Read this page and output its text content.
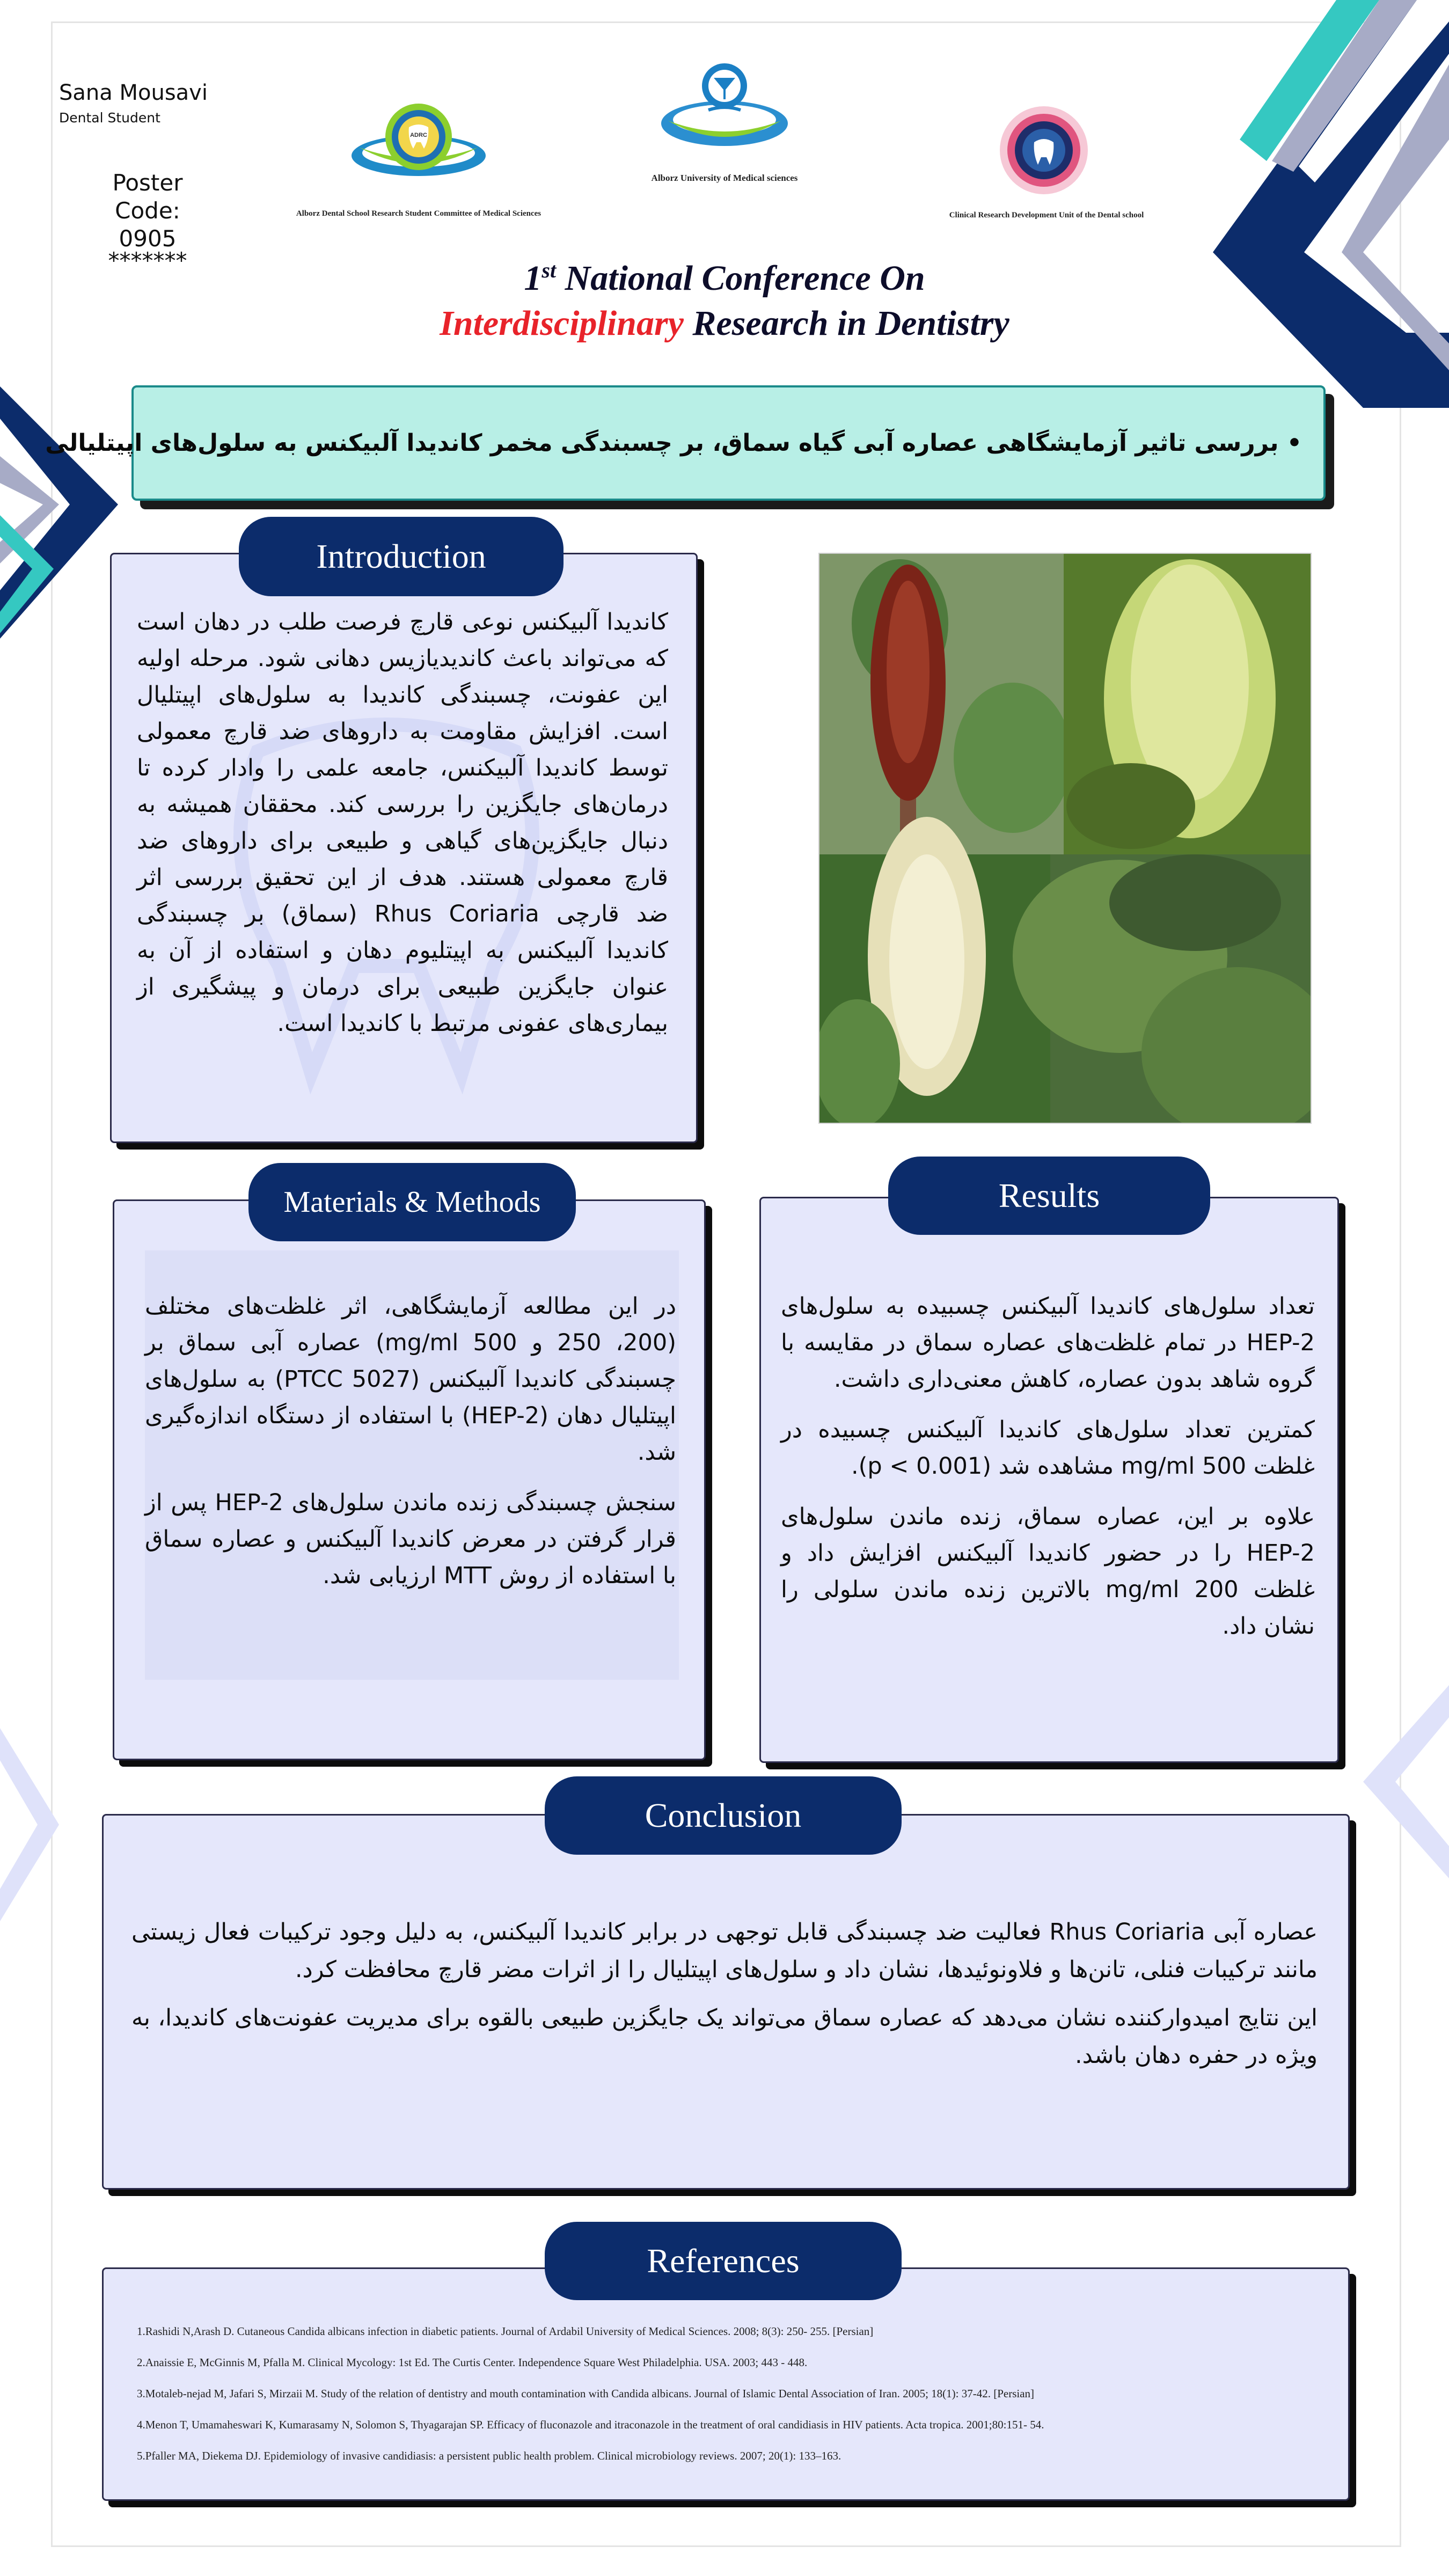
Sana Mousavi
Dental Student
Poster
Code:
0905
*******
ADRC
Alborz Dental School Research Student Committee of Medical Sciences
Alborz University of Medical sciences
Clinical Research Development Unit of the Dental school
1st National Conference On
Interdisciplinary Research in Dentistry
• بررسی تاثیر آزمایشگاهی عصاره آبی گیاه سماق، بر چسبندگی مخمر کاندیدا آلبیکنس به سلول‌های اپیتلیالی
Introduction
کاندیدا آلبیکنس نوعی قارچ فرصت طلب در دهان است که می‌تواند باعث کاندیدیازیس دهانی شود. مرحله اولیه این عفونت، چسبندگی کاندیدا به سلول‌های اپیتلیال است. افزایش مقاومت به داروهای ضد قارچ معمولی توسط کاندیدا آلبیکنس، جامعه علمی را وادار کرده تا درمان‌های جایگزین را بررسی کند. محققان همیشه به دنبال جایگزین‌های گیاهی و طبیعی برای داروهای ضد قارچ معمولی هستند. هدف از این تحقیق بررسی اثر ضد قارچی Rhus Coriaria (سماق) بر چسبندگی کاندیدا آلبیکنس به اپیتلیوم دهان و استفاده از آن به عنوان جایگزین طبیعی برای درمان و پیشگیری از بیماری‌های عفونی مرتبط با کاندیدا است.
Materials & Methods
در این مطالعه آزمایشگاهی، اثر غلظت‌های مختلف (200، 250 و 500 mg/ml) عصاره آبی سماق بر چسبندگی کاندیدا آلبیکنس (PTCC 5027) به سلول‌های اپیتلیال دهان (HEP-2) با استفاده از دستگاه اندازه‌گیری شد.
سنجش چسبندگی زنده ماندن سلول‌های HEP-2 پس از قرار گرفتن در معرض کاندیدا آلبیکنس و عصاره سماق با استفاده از روش MTT ارزیابی شد.
Results
تعداد سلول‌های کاندیدا آلبیکنس چسبیده به سلول‌های HEP-2 در تمام غلظت‌های عصاره سماق در مقایسه با گروه شاهد بدون عصاره، کاهش معنی‌داری داشت.
کمترین تعداد سلول‌های کاندیدا آلبیکنس چسبیده در غلظت 500 mg/ml مشاهده شد (p < 0.001).
علاوه بر این، عصاره سماق، زنده ماندن سلول‌های HEP-2 را در حضور کاندیدا آلبیکنس افزایش داد و غلظت 200 mg/ml بالاترین زنده ماندن سلولی را نشان داد.
Conclusion
عصاره آبی Rhus Coriaria فعالیت ضد چسبندگی قابل توجهی در برابر کاندیدا آلبیکنس، به دلیل وجود ترکیبات فعال زیستی مانند ترکیبات فنلی، تانن‌ها و فلاونوئیدها، نشان داد و سلول‌های اپیتلیال را از اثرات مضر قارچ محافظت کرد.
این نتایج امیدوارکننده نشان می‌دهد که عصاره سماق می‌تواند یک جایگزین طبیعی بالقوه برای مدیریت عفونت‌های کاندیدا، به ویژه در حفره دهان باشد.
References
1.Rashidi N,Arash D. Cutaneous Candida albicans infection in diabetic patients. Journal of Ardabil University of Medical Sciences. 2008; 8(3): 250- 255. [Persian]
2.Anaissie E, McGinnis M, Pfalla M. Clinical Mycology: 1st Ed. The Curtis Center. Independence Square West Philadelphia. USA. 2003; 443 - 448.
3.Motaleb-nejad M, Jafari S, Mirzaii M. Study of the relation of dentistry and mouth contamination with Candida albicans. Journal of Islamic Dental Association of Iran. 2005; 18(1): 37-42. [Persian]
4.Menon T, Umamaheswari K, Kumarasamy N, Solomon S, Thyagarajan SP. Efficacy of fluconazole and itraconazole in the treatment of oral candidiasis in HIV patients. Acta tropica. 2001;80:151- 54.
5.Pfaller MA, Diekema DJ. Epidemiology of invasive candidiasis: a persistent public health problem. Clinical microbiology reviews. 2007; 20(1): 133–163.
